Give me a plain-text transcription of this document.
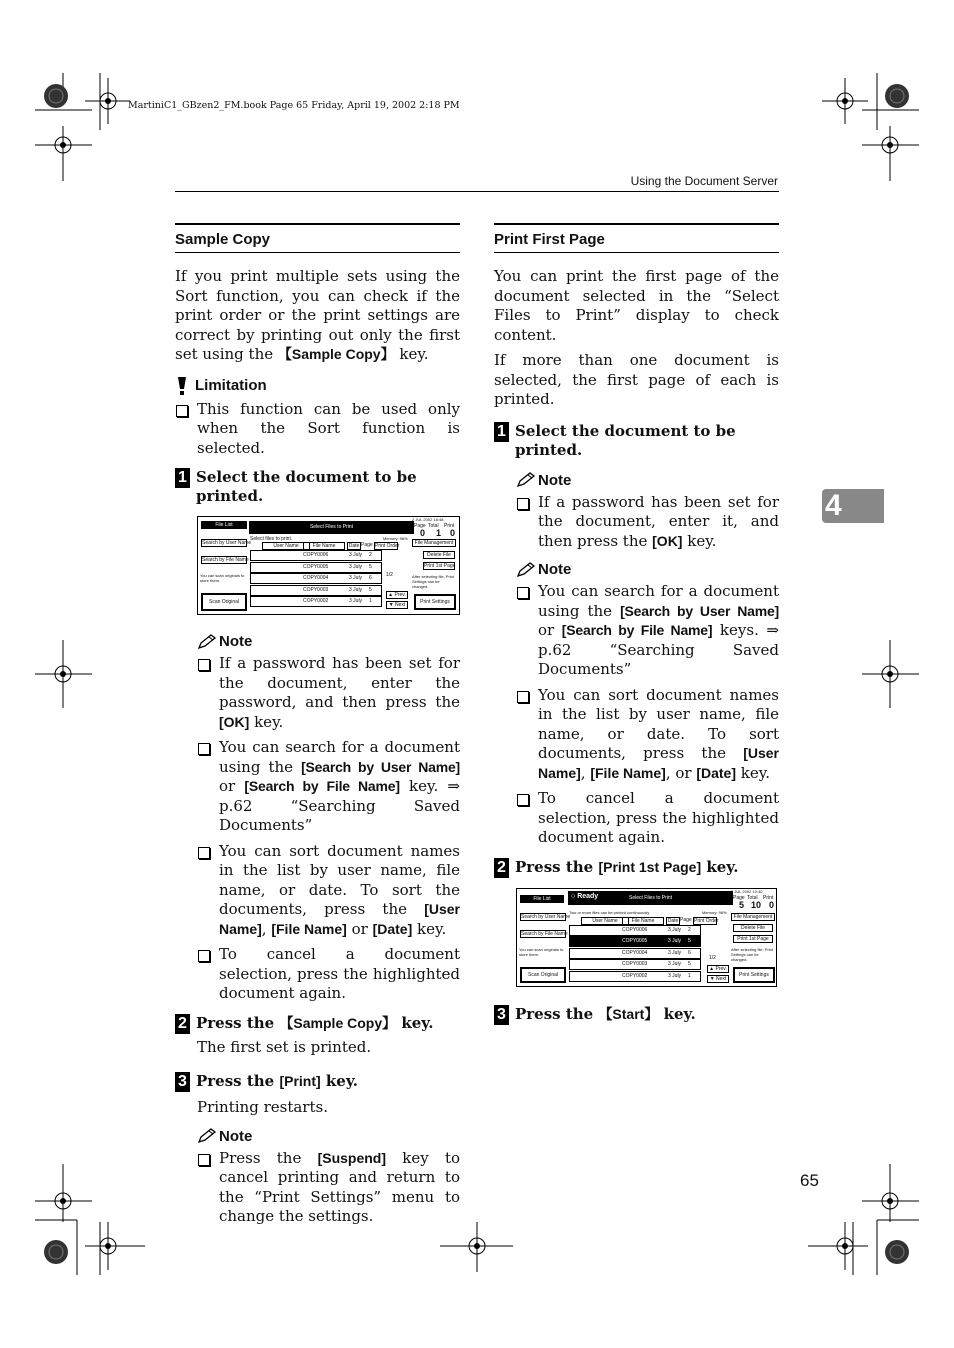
MartiniC1_GBzen2_FM.book Page 65 Friday, April 19, 2002 2:18 PM
Using the Document Server
4
65
Sample Copy

If you print multiple sets using the Sort function, you can check if the print order or the print settings are correct by printing out only the first set using the 【Sample Copy】 key.

Limitation
This function can be used only when the Sort function is selected.
1 Select the document to be printed.
File List	Select Files to Print
2 JUL 2002 18:48
Page Total Print
0 1 0
Search by User Name
Search by File Name
You can scan originals to store them.
Scan Original
Select files to print.	Memory: 98%
User Name	File Name	Date Page Print Order
COPY0006	3 July 2
COPY0005	3 July 5
COPY0004	3 July 6
COPY0003	3 July 5
COPY0002	3 July 1
1/2
▲ Prev.
▼ Next
File Management
Delete File
Print 1st Page
After selecting file, Print Settings can be changed.
Print Settings
Note
If a password has been set for the document, enter the password, and then press the [OK] key.
You can search for a document using the [Search by User Name] or [Search by File Name] key. ⇒ p.62 “Searching Saved Documents”
You can sort document names in the list by user name, file name, or date. To sort the documents, press the [User Name], [File Name] or [Date] key.
To cancel a document selection, press the highlighted document again.
2 Press the 【Sample Copy】 key.
The first set is printed.
3 Press the [Print] key.
Printing restarts.
Note
Press the [Suspend] key to cancel printing and return to the “Print Settings” menu to change the settings.
Print First Page

You can print the first page of the document selected in the “Select Files to Print” display to check content.

If more than one document is selected, the first page of each is printed.

1 Select the document to be printed.
Note
If a password has been set for the document, enter it, and then press the [OK] key.
Note
You can search for a document using the [Search by User Name] or [Search by File Name] keys. ⇒ p.62 “Searching Saved Documents”
You can sort document names in the list by user name, file name, or date. To sort documents, press the [User Name], [File Name], or [Date] key.
To cancel a document selection, press the highlighted document again.
2 Press the [Print 1st Page] key.
File List	○ Ready	Select Files to Print
3 JUL 2002 10:40
Page Total Print
5 10 0
Search by User Name
Search by File Name
You can scan originals to store them.
Scan Original
Two or more files can be printed continuously.	Memory: 98%
User Name	File Name	Date Page Print Order
COPY0006	3 July 2
COPY0005	3 July 5
COPY0004	3 July 6
COPY0003	3 July 5
COPY0002	3 July 1
1/2
▲ Prev.
▼ Next
File Management
Delete File
Print 1st Page
After selecting file, Print Settings can be changed.
Print Settings
3 Press the 【Start】 key.
